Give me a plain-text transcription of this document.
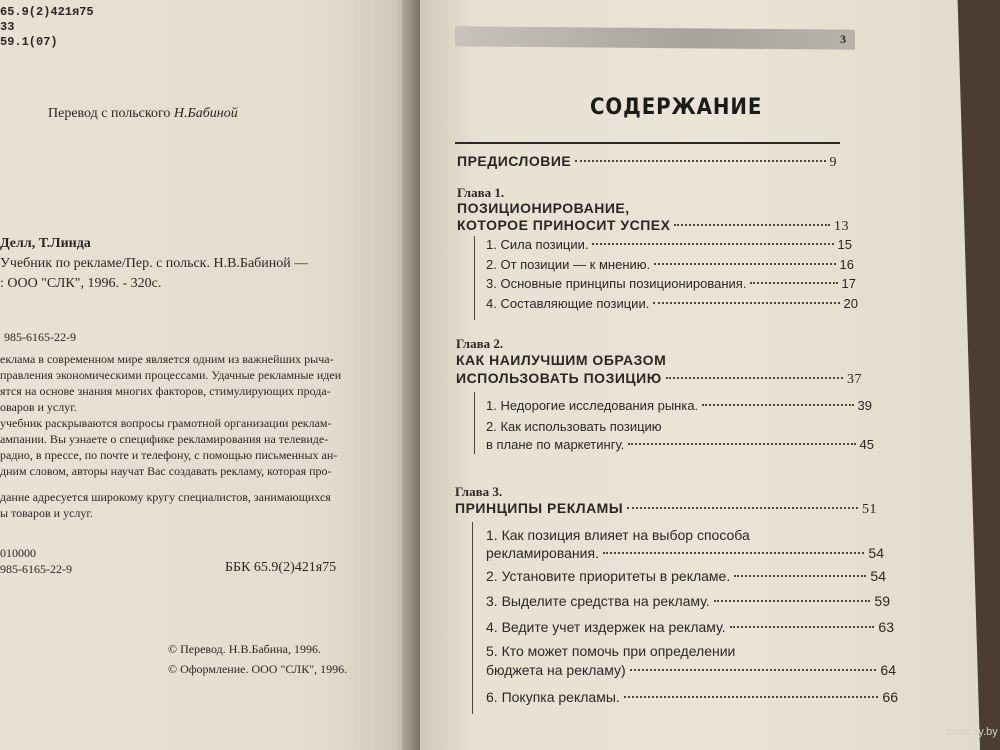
65.9(2)421я75
33
59.1(07)
Перевод с польского Н.Бабиной
Делл, Т.Линда
Учебник по рекламе/Пер. с польск. Н.В.Бабиной —
: ООО "СЛК", 1996. - 320с.
985-6165-22-9
еклама в современном мире является одним из важнейших рыча-
правления экономическими процессами. Удачные рекламные идеи
ятся на основе знания многих факторов, стимулирующих прода-
оваров и услуг.
учебник раскрываются вопросы грамотной организации реклам-
ампании. Вы узнаете о специфике рекламирования на телевиде-
радио, в прессе, по почте и телефону, с помощью письменных ан-
дним словом, авторы научат Вас создавать рекламу, которая про-
дание адресуется широкому кругу специалистов, занимающихся
ы товаров и услуг.
010000
985-6165-22-9	ББК 65.9(2)421я75
© Перевод. Н.В.Бабина, 1996.
© Оформление. ООО "СЛК", 1996.
3
СОДЕРЖАНИЕ
ПРЕДИСЛОВИЕ	9
Глава 1.
ПОЗИЦИОНИРОВАНИЕ,
КОТОРОЕ ПРИНОСИТ УСПЕХ	13
1. Сила позиции.	15
2. От позиции — к мнению.	16
3. Основные принципы позиционирования.	17
4. Составляющие позиции.	20
Глава 2.
КАК НАИЛУЧШИМ ОБРАЗОМ
ИСПОЛЬЗОВАТЬ ПОЗИЦИЮ	37
1. Недорогие исследования рынка.	39
2. Как использовать позицию
в плане по маркетингу.	45
Глава 3.
ПРИНЦИПЫ РЕКЛАМЫ	51
1. Как позиция влияет на выбор способа
рекламирования.	54
2. Установите приоритеты в рекламе.	54
3. Выделите средства на рекламу.	59
4. Ведите учет издержек на рекламу.	63
5. Кто может помочь при определении
бюджета на рекламу)	64
6. Покупка рекламы.	66
www.ay.by
